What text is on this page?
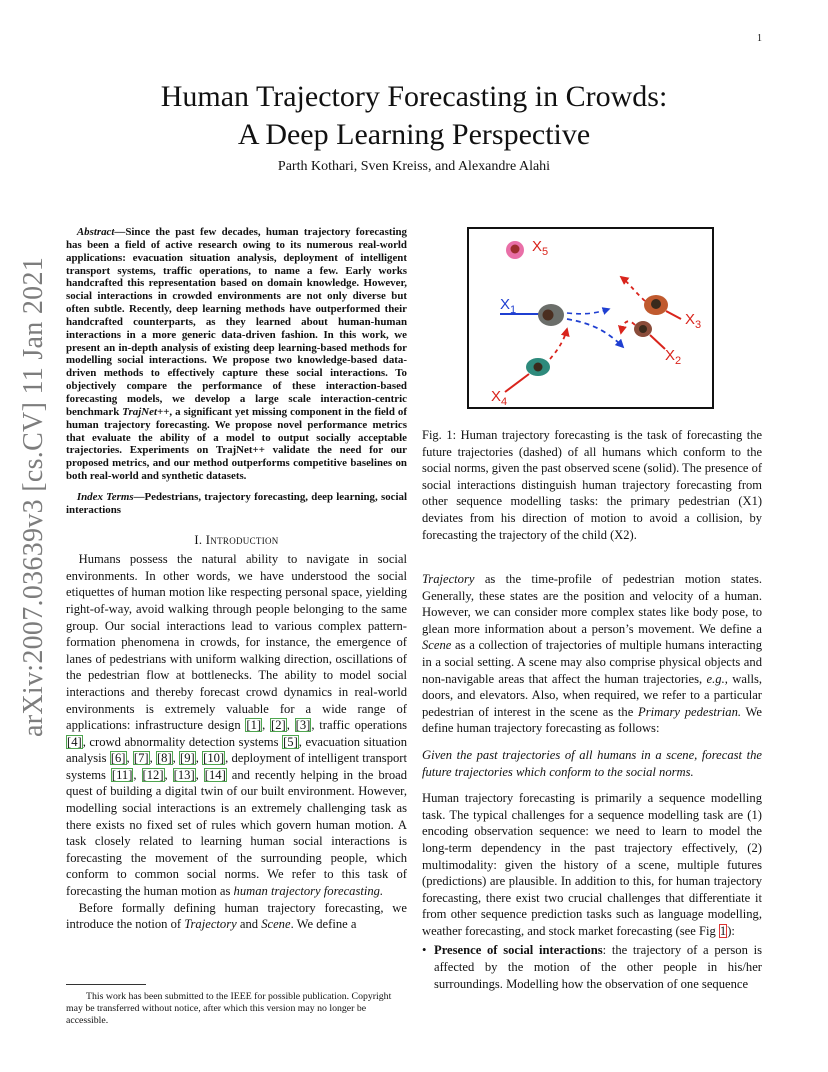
1
arXiv:2007.03639v3 [cs.CV] 11 Jan 2021
Human Trajectory Forecasting in Crowds:
A Deep Learning Perspective
Parth Kothari, Sven Kreiss, and Alexandre Alahi

Abstract—Since the past few decades, human trajectory forecasting has been a field of active research owing to its numerous real-world applications: evacuation situation analysis, deployment of intelligent transport systems, traffic operations, to name a few. Early works handcrafted this representation based on domain knowledge. However, social interactions in crowded environments are not only diverse but often subtle. Recently, deep learning methods have outperformed their handcrafted counterparts, as they learned about human-human interactions in a more generic data-driven fashion. In this work, we present an in-depth analysis of existing deep learning-based methods for modelling social interactions. We propose two knowledge-based data-driven methods to effectively capture these social interactions. To objectively compare the performance of these interaction-based forecasting models, we develop a large scale interaction-centric benchmark TrajNet++, a significant yet missing component in the field of human trajectory forecasting. We propose novel performance metrics that evaluate the ability of a model to output socially acceptable trajectories. Experiments on TrajNet++ validate the need for our proposed metrics, and our method outperforms competitive baselines on both real-world and synthetic datasets.

Index Terms—Pedestrians, trajectory forecasting, deep learning, social interactions

I. Introduction

Humans possess the natural ability to navigate in social environments. In other words, we have understood the social etiquettes of human motion like respecting personal space, yielding right-of-way, avoid walking through people belonging to the same group. Our social interactions lead to various complex pattern-formation phenomena in crowds, for instance, the emergence of lanes of pedestrians with uniform walking direction, oscillations of the pedestrian flow at bottlenecks. The ability to model social interactions and thereby forecast crowd dynamics in real-world environments is extremely valuable for a wide range of applications: infrastructure design [1], [2], [3], traffic operations [4], crowd abnormality detection systems [5], evacuation situation analysis [6], [7], [8], [9], [10], deployment of intelligent transport systems [11], [12], [13], [14] and recently helping in the broad quest of building a digital twin of our built environment. However, modelling social interactions is an extremely challenging task as there exists no fixed set of rules which govern human motion. A task closely related to learning human social interactions is forecasting the movement of the surrounding people, which conform to common social norms. We refer to this task of forecasting the human motion as human trajectory forecasting.

Before formally defining human trajectory forecasting, we introduce the notion of Trajectory and Scene. We define a

This work has been submitted to the IEEE for possible publication. Copyright may be transferred without notice, after which this version may no longer be accessible.
$X_5$
$X_1$
$X_3$
$X_2$
$X_4$
Fig. 1: Human trajectory forecasting is the task of forecasting the future trajectories (dashed) of all humans which conform to the social norms, given the past observed scene (solid). The presence of social interactions distinguish human trajectory forecasting from other sequence modelling tasks: the primary pedestrian (X1) deviates from his direction of motion to avoid a collision, by forecasting the trajectory of the child (X2).

Trajectory as the time-profile of pedestrian motion states. Generally, these states are the position and velocity of a human. However, we can consider more complex states like body pose, to glean more information about a person’s movement. We define a Scene as a collection of trajectories of multiple humans interacting in a social setting. A scene may also comprise physical objects and non-navigable areas that affect the human trajectories, e.g., walls, doors, and elevators. Also, when required, we refer to a particular pedestrian of interest in the scene as the Primary pedestrian. We define human trajectory forecasting as follows:

Given the past trajectories of all humans in a scene, forecast the future trajectories which conform to the social norms.

Human trajectory forecasting is primarily a sequence modelling task. The typical challenges for a sequence modelling task are (1) encoding observation sequence: we need to learn to model the long-term dependency in the past trajectory effectively, (2) multimodality: given the history of a scene, multiple futures (predictions) are plausible. In addition to this, for human trajectory forecasting, there exist two crucial challenges that differentiate it from other sequence prediction tasks such as language modelling, weather forecasting, and stock market forecasting (see Fig 1):

• Presence of social interactions: the trajectory of a person is affected by the motion of the other people in his/her surroundings. Modelling how the observation of one sequence
